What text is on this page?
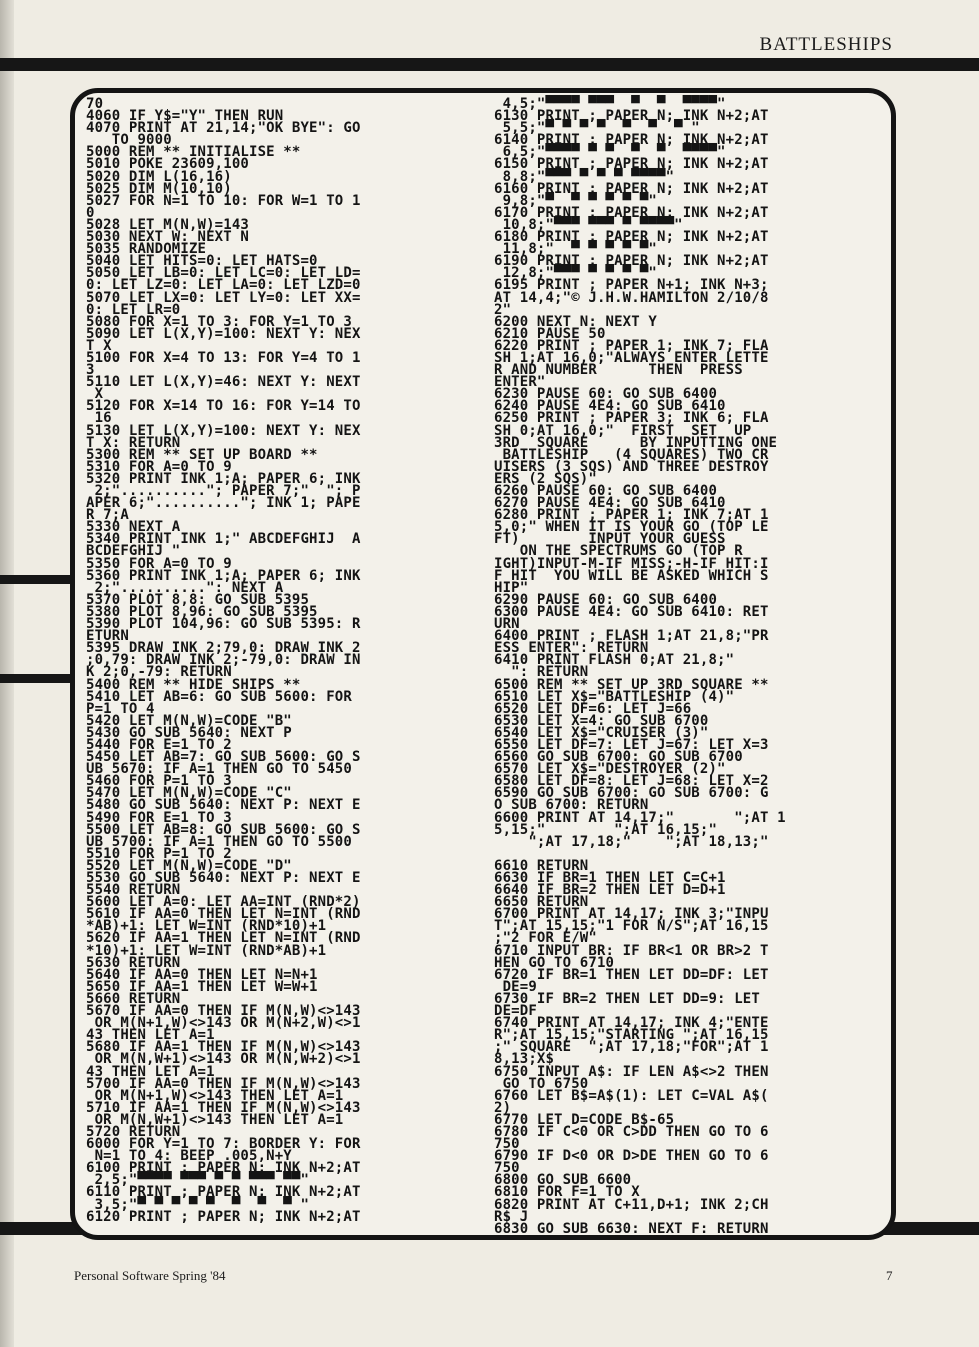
BATTLESHIPS
70
4060 IF Y$="Y" THEN RUN
4070 PRINT AT 21,14;"OK BYE": GO
TO 9000
5000 REM ** INITIALISE **
5010 POKE 23609,100
5020 DIM L(16,16)
5025 DIM M(10,10)
5027 FOR N=1 TO 10: FOR W=1 TO 1
0
5028 LET M(N,W)=143
5030 NEXT W: NEXT N
5035 RANDOMIZE
5040 LET HITS=0: LET HATS=0
5050 LET LB=0: LET LC=0: LET LD=
0: LET LZ=0: LET LA=0: LET LZD=0
5070 LET LX=0: LET LY=0: LET XX=
0: LET LR=0
5080 FOR X=1 TO 3: FOR Y=1 TO 3
5090 LET L(X,Y)=100: NEXT Y: NEX
T X
5100 FOR X=4 TO 13: FOR Y=4 TO 1
3
5110 LET L(X,Y)=46: NEXT Y: NEXT
X
5120 FOR X=14 TO 16: FOR Y=14 TO
16
5130 LET L(X,Y)=100: NEXT Y: NEX
T X: RETURN
5300 REM ** SET UP BOARD **
5310 FOR A=0 TO 9
5320 PRINT INK 1;A; PAPER 6; INK
2;".........."; PAPER 7;"  "; P
APER 6;".........."; INK 1; PAPE
R 7;A
5330 NEXT A
5340 PRINT INK 1;" ABCDEFGHIJ  A
BCDEFGHIJ "
5350 FOR A=0 TO 9
5360 PRINT INK 1;A; PAPER 6; INK
2;"..........": NEXT A
5370 PLOT 8,8: GO SUB 5395
5380 PLOT 8,96: GO SUB 5395
5390 PLOT 104,96: GO SUB 5395: R
ETURN
5395 DRAW INK 2;79,0: DRAW INK 2
;0,79: DRAW INK 2;-79,0: DRAW IN
K 2;0,-79: RETURN
5400 REM ** HIDE SHIPS **
5410 LET AB=6: GO SUB 5600: FOR
P=1 TO 4
5420 LET M(N,W)=CODE "B"
5430 GO SUB 5640: NEXT P
5440 FOR E=1 TO 2
5450 LET AB=7: GO SUB 5600: GO S
UB 5670: IF A=1 THEN GO TO 5450
5460 FOR P=1 TO 3
5470 LET M(N,W)=CODE "C"
5480 GO SUB 5640: NEXT P: NEXT E
5490 FOR E=1 TO 3
5500 LET AB=8: GO SUB 5600: GO S
UB 5700: IF A=1 THEN GO TO 5500
5510 FOR P=1 TO 2
5520 LET M(N,W)=CODE "D"
5530 GO SUB 5640: NEXT P: NEXT E
5540 RETURN
5600 LET A=0: LET AA=INT (RND*2)
5610 IF AA=0 THEN LET N=INT (RND
*AB)+1: LET W=INT (RND*10)+1
5620 IF AA=1 THEN LET N=INT (RND
*10)+1: LET W=INT (RND*AB)+1
5630 RETURN
5640 IF AA=0 THEN LET N=N+1
5650 IF AA=1 THEN LET W=W+1
5660 RETURN
5670 IF AA=0 THEN IF M(N,W)<>143
OR M(N+1,W)<>143 OR M(N+2,W)<>1
43 THEN LET A=1
5680 IF AA=1 THEN IF M(N,W)<>143
OR M(N,W+1)<>143 OR M(N,W+2)<>1
43 THEN LET A=1
5700 IF AA=0 THEN IF M(N,W)<>143
OR M(N+1,W)<>143 THEN LET A=1
5710 IF AA=1 THEN IF M(N,W)<>143
OR M(N,W+1)<>143 THEN LET A=1
5720 RETURN
6000 FOR Y=1 TO 7: BORDER Y: FOR
N=1 TO 4: BEEP .005,N+Y
6100 PRINT ; PAPER N; INK N+2;AT
2,5;"▀▀▀▀ ▀▀▀ ▀ ▀ ▀▀▀ ▀▀"
6110 PRINT ; PAPER N; INK N+2;AT
3,5;"▀ ▀ ▀ ▀ ▀  ▀  ▀  ▀ "
6120 PRINT ; PAPER N; INK N+2;AT
4,5;"▀▀▀▀ ▀▀▀  ▀  ▀  ▀▀▀▀"
6130 PRINT ; PAPER N; INK N+2;AT
5,5;"▀ ▀ ▀ ▀  ▀  ▀  ▀ "
6140 PRINT ; PAPER N; INK N+2;AT
6,5;"▀▀▀▀ ▀ ▀  ▀  ▀  ▀▀▀▀"
6150 PRINT ; PAPER N; INK N+2;AT
8,8;"▀▀▀ ▀ ▀ ▀ ▀▀▀▀"
6160 PRINT ; PAPER N; INK N+2;AT
9,8;"▀  ▀ ▀ ▀ ▀ ▀"
6170 PRINT ; PAPER N; INK N+2;AT
10,8;"▀▀▀ ▀▀▀ ▀ ▀▀▀▀"
6180 PRINT ; PAPER N; INK N+2;AT
11,8;"  ▀ ▀ ▀ ▀ ▀"
6190 PRINT ; PAPER N; INK N+2;AT
12,8;"▀▀▀ ▀ ▀ ▀ ▀"
6195 PRINT ; PAPER N+1; INK N+3;
AT 14,4;"© J.H.W.HAMILTON 2/10/8
2"
6200 NEXT N: NEXT Y
6210 PAUSE 50
6220 PRINT ; PAPER 1; INK 7; FLA
SH 1;AT 16,0;"ALWAYS ENTER LETTE
R AND NUMBER      THEN  PRESS
ENTER"
6230 PAUSE 60: GO SUB 6400
6240 PAUSE 4E4: GO SUB 6410
6250 PRINT ; PAPER 3; INK 6; FLA
SH 0;AT 16,0;"  FIRST  SET  UP
3RD  SQUARE      BY INPUTTING ONE
BATTLESHIP   (4 SQUARES) TWO CR
UISERS (3 SQS) AND THREE DESTROY
ERS (2 SQS)"
6260 PAUSE 60: GO SUB 6400
6270 PAUSE 4E4: GO SUB 6410
6280 PRINT ; PAPER 1; INK 7;AT 1
5,0;" WHEN IT IS YOUR GO (TOP LE
FT)        INPUT YOUR GUESS
ON THE SPECTRUMS GO (TOP R
IGHT)INPUT-M-IF MISS;-H-IF HIT:I
F HIT  YOU WILL BE ASKED WHICH S
HIP"
6290 PAUSE 60: GO SUB 6400
6300 PAUSE 4E4: GO SUB 6410: RET
URN
6400 PRINT ; FLASH 1;AT 21,8;"PR
ESS ENTER": RETURN
6410 PRINT FLASH 0;AT 21,8;"
": RETURN
6500 REM ** SET UP 3RD SQUARE **
6510 LET X$="BATTLESHIP (4)"
6520 LET DF=6: LET J=66
6530 LET X=4: GO SUB 6700
6540 LET X$="CRUISER (3)"
6550 LET DF=7: LET J=67: LET X=3
6560 GO SUB 6700: GO SUB 6700
6570 LET X$="DESTROYER (2)"
6580 LET DF=8: LET J=68: LET X=2
6590 GO SUB 6700: GO SUB 6700: G
O SUB 6700: RETURN
6600 PRINT AT 14,17;"       ";AT 1
5,15;"        ";AT 16,15;"
";AT 17,18;"    ";AT 18,13;"
6610 RETURN
6630 IF BR=1 THEN LET C=C+1
6640 IF BR=2 THEN LET D=D+1
6650 RETURN
6700 PRINT AT 14,17; INK 3;"INPU
T";AT 15,15;"1 FOR N/S";AT 16,15
;"2 FOR E/W"
6710 INPUT BR: IF BR<1 OR BR>2 T
HEN GO TO 6710
6720 IF BR=1 THEN LET DD=DF: LET
DE=9
6730 IF BR=2 THEN LET DD=9: LET
DE=DF
6740 PRINT AT 14,17; INK 4;"ENTE
R";AT 15,15;"STARTING ";AT 16,15
;" SQUARE  ";AT 17,18;"FOR";AT 1
8,13;X$
6750 INPUT A$: IF LEN A$<>2 THEN
GO TO 6750
6760 LET B$=A$(1): LET C=VAL A$(
2)
6770 LET D=CODE B$-65
6780 IF C<0 OR C>DD THEN GO TO 6
750
6790 IF D<0 OR D>DE THEN GO TO 6
750
6800 GO SUB 6600
6810 FOR F=1 TO X
6820 PRINT AT C+11,D+1; INK 2;CH
R$ J
6830 GO SUB 6630: NEXT F: RETURN
Personal Software Spring '84	7
